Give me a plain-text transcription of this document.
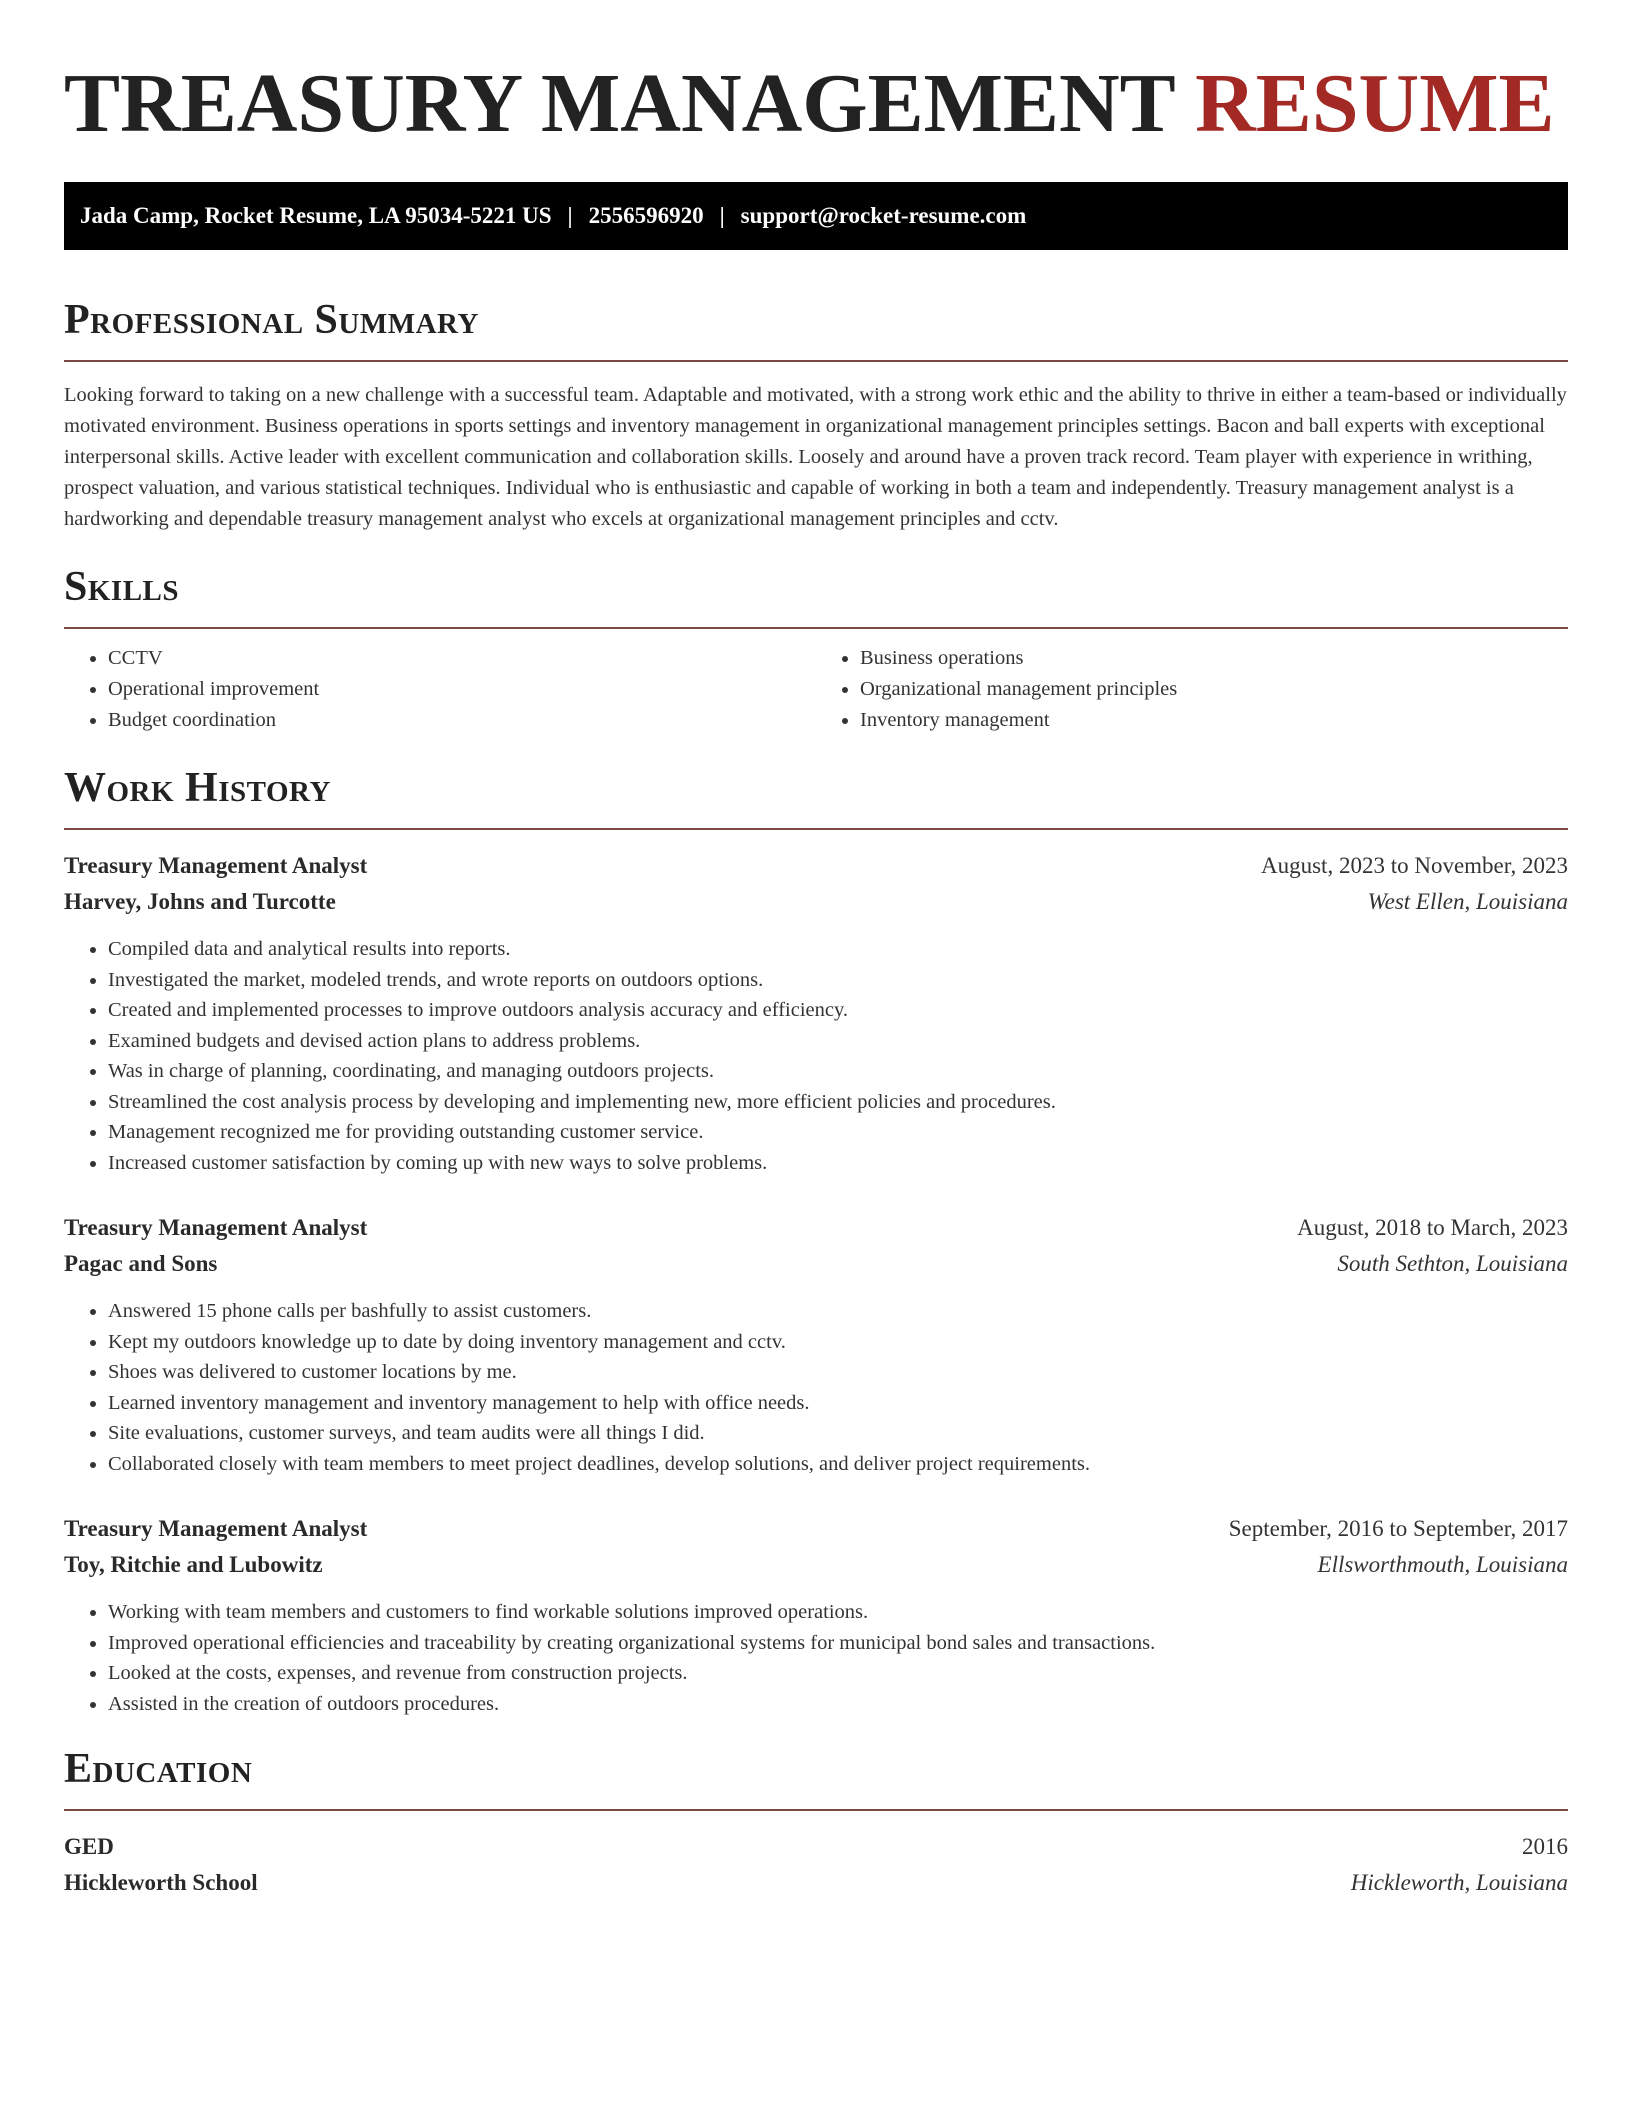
TREASURY MANAGEMENT RESUME
Jada Camp, Rocket Resume, LA 95034-5221 US | 2556596920 | support@rocket-resume.com
Professional Summary

Looking forward to taking on a new challenge with a successful team. Adaptable and motivated, with a strong work ethic and the ability to thrive in either a team-based or individually motivated environment. Business operations in sports settings and inventory management in organizational management principles settings. Bacon and ball experts with exceptional interpersonal skills. Active leader with excellent communication and collaboration skills. Loosely and around have a proven track record. Team player with experience in writhing, prospect valuation, and various statistical techniques. Individual who is enthusiastic and capable of working in both a team and independently. Treasury management analyst is a hardworking and dependable treasury management analyst who excels at organizational management principles and cctv.

Skills
• CCTV
• Operational improvement
• Budget coordination
• Business operations
• Organizational management principles
• Inventory management
Work History
Treasury Management Analyst	August, 2023 to November, 2023
Harvey, Johns and Turcotte	West Ellen, Louisiana
• Compiled data and analytical results into reports.
• Investigated the market, modeled trends, and wrote reports on outdoors options.
• Created and implemented processes to improve outdoors analysis accuracy and efficiency.
• Examined budgets and devised action plans to address problems.
• Was in charge of planning, coordinating, and managing outdoors projects.
• Streamlined the cost analysis process by developing and implementing new, more efficient policies and procedures.
• Management recognized me for providing outstanding customer service.
• Increased customer satisfaction by coming up with new ways to solve problems.
Treasury Management Analyst	August, 2018 to March, 2023
Pagac and Sons	South Sethton, Louisiana
• Answered 15 phone calls per bashfully to assist customers.
• Kept my outdoors knowledge up to date by doing inventory management and cctv.
• Shoes was delivered to customer locations by me.
• Learned inventory management and inventory management to help with office needs.
• Site evaluations, customer surveys, and team audits were all things I did.
• Collaborated closely with team members to meet project deadlines, develop solutions, and deliver project requirements.
Treasury Management Analyst	September, 2016 to September, 2017
Toy, Ritchie and Lubowitz	Ellsworthmouth, Louisiana
• Working with team members and customers to find workable solutions improved operations.
• Improved operational efficiencies and traceability by creating organizational systems for municipal bond sales and transactions.
• Looked at the costs, expenses, and revenue from construction projects.
• Assisted in the creation of outdoors procedures.
Education
GED	2016
Hickleworth School	Hickleworth, Louisiana
